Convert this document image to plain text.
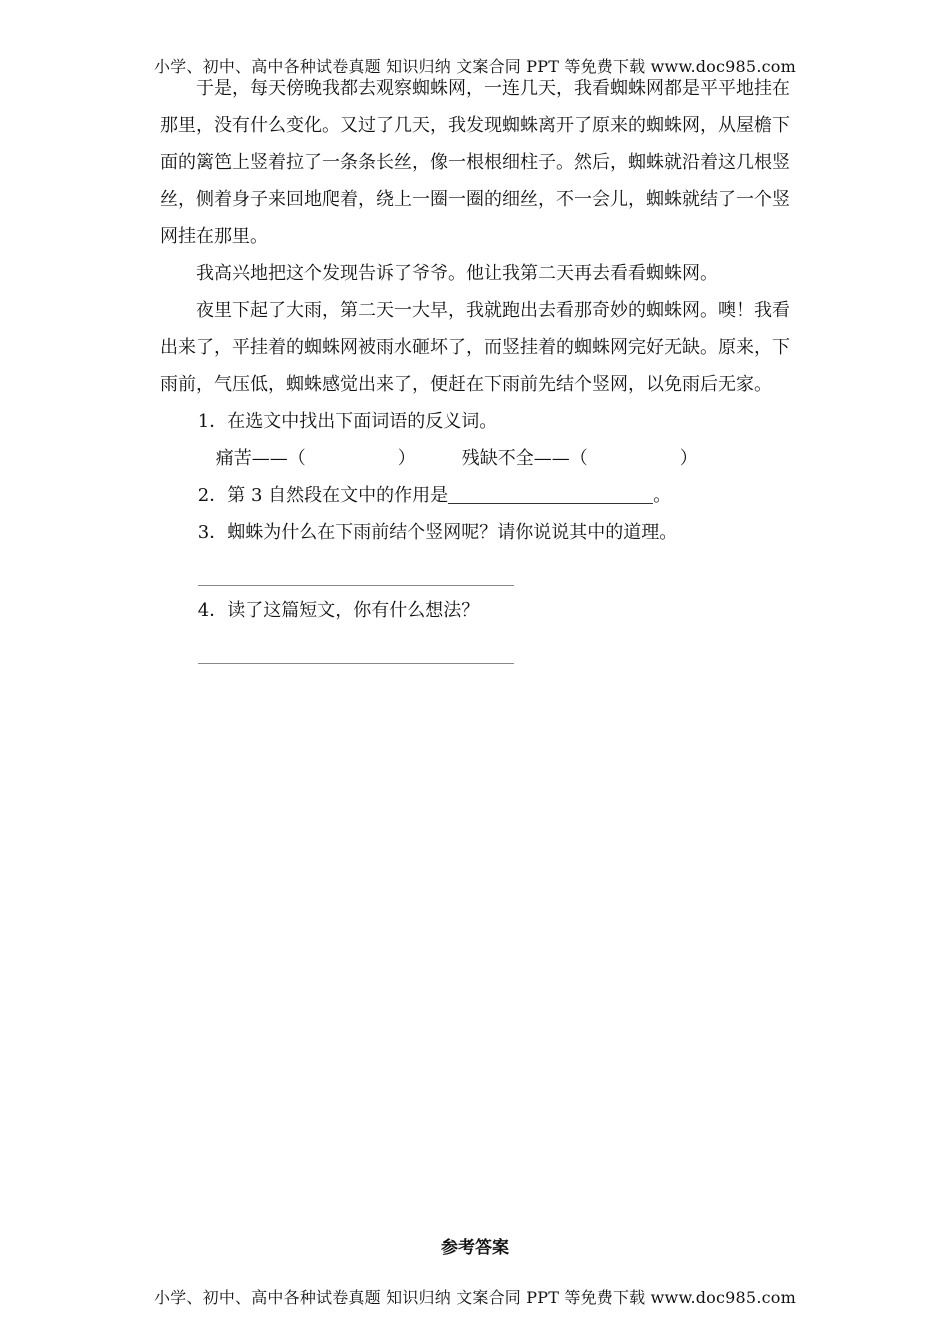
小学、初中、高中各种试卷真题 知识归纳 文案合同 PPT 等免费下载 www.doc985.com

于是，每天傍晚我都去观察蜘蛛网，一连几天，我看蜘蛛网都是平平地挂在那里，没有什么变化。又过了几天，我发现蜘蛛离开了原来的蜘蛛网，从屋檐下面的篱笆上竖着拉了一条条长丝，像一根根细柱子。然后，蜘蛛就沿着这几根竖丝，侧着身子来回地爬着，绕上一圈一圈的细丝，不一会儿，蜘蛛就结了一个竖网挂在那里。

我高兴地把这个发现告诉了爷爷。他让我第二天再去看看蜘蛛网。

夜里下起了大雨，第二天一大早，我就跑出去看那奇妙的蜘蛛网。噢！我看出来了，平挂着的蜘蛛网被雨水砸坏了，而竖挂着的蜘蛛网完好无缺。原来，下雨前，气压低，蜘蛛感觉出来了，便赶在下雨前先结个竖网，以免雨后无家。

1．在选文中找出下面词语的反义词。

痛苦——（	）	残缺不全——（	）

2．第 3 自然段在文中的作用是	。

3．蜘蛛为什么在下雨前结个竖网呢？请你说说其中的道理。

4．读了这篇短文，你有什么想法？

参考答案
小学、初中、高中各种试卷真题 知识归纳 文案合同 PPT 等免费下载 www.doc985.com
